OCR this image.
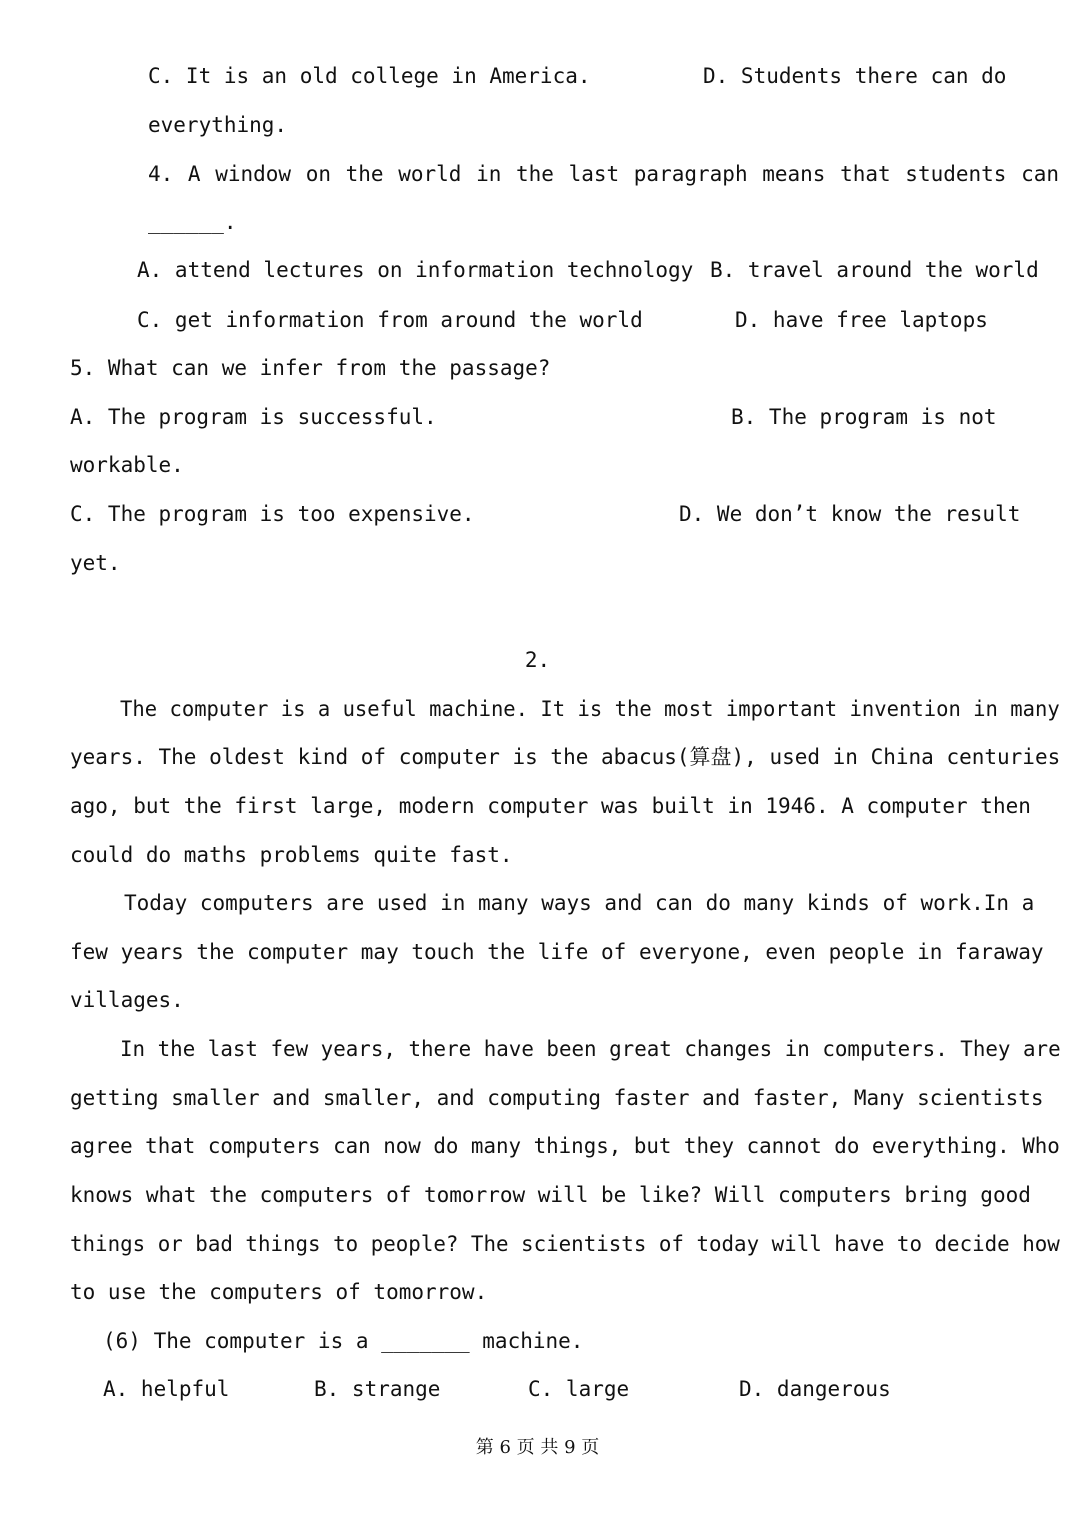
C. It is an old college in America.	D. Students there can do
everything.
4. A window on the world in the last paragraph means that students can
______.
A. attend lectures on information technology B. travel around the world
C. get information from around the world	D. have free laptops
5. What can we infer from the passage?
A. The program is successful.	B. The program is not
workable.
C. The program is too expensive.	D. We don’t know the result
yet.
2.
The computer is a useful machine. It is the most important invention in many
years. The oldest kind of computer is the abacus(算盘), used in China centuries
ago, but the first large, modern computer was built in 1946. A computer then
could do maths problems quite fast.
Today computers are used in many ways and can do many kinds of work.In a
few years the computer may touch the life of everyone, even people in faraway
villages.
In the last few years, there have been great changes in computers. They are
getting smaller and smaller, and computing faster and faster, Many scientists
agree that computers can now do many things, but they cannot do everything. Who
knows what the computers of tomorrow will be like? Will computers bring good
things or bad things to people? The scientists of today will have to decide how
to use the computers of tomorrow.
(6) The computer is a _______ machine.
A. helpful	B. strange	C. large	D. dangerous
第 6 页 共 9 页
